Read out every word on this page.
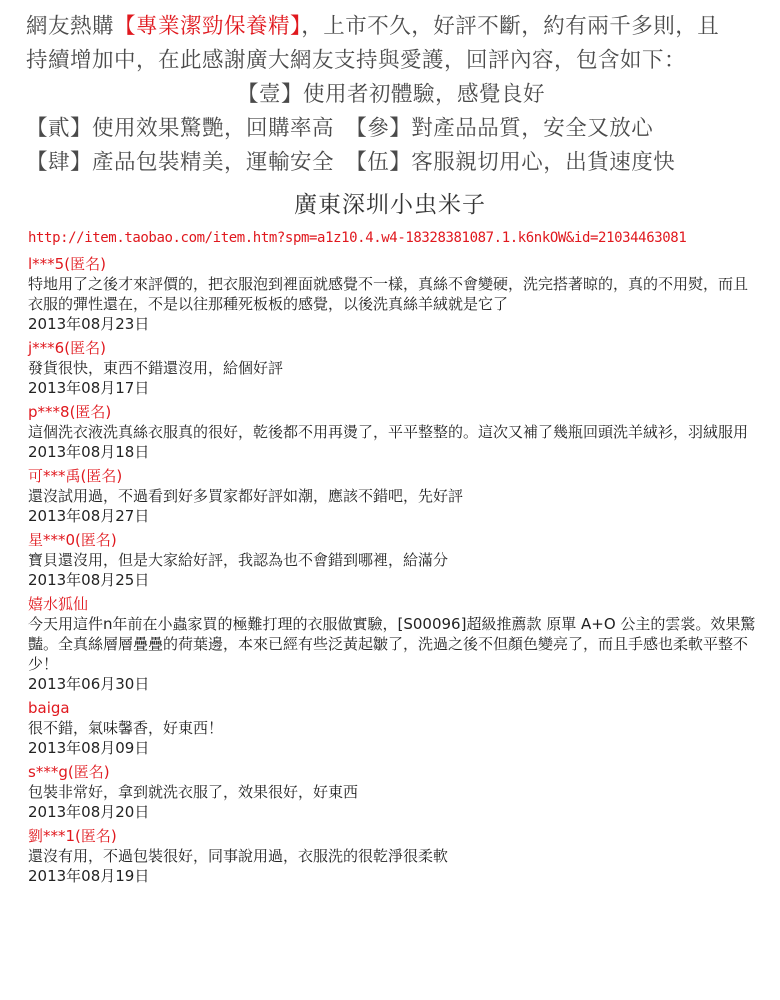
網友熱購【專業潔勁保養精】，上市不久，好評不斷，約有兩千多則，且
持續增加中，在此感謝廣大網友支持與愛護，回評內容，包含如下：
【壹】使用者初體驗，感覺良好
【貳】使用效果驚艷，回購率高　【參】對產品品質，安全又放心
【肆】產品包裝精美，運輸安全　【伍】客服親切用心，出貨速度快
廣東深圳小虫米子
http://item.taobao.com/item.htm?spm=a1z10.4.w4-18328381087.1.k6nkOW&id=21034463081
l***5(匿名)
特地用了之後才來評價的，把衣服泡到裡面就感覺不一樣，真絲不會變硬，洗完搭著晾的，真的不用熨，而且衣服的彈性還在，不是以往那種死板板的感覺，以後洗真絲羊絨就是它了
2013年08月23日
j***6(匿名)
發貨很快，東西不錯還沒用，給個好評
2013年08月17日
p***8(匿名)
這個洗衣液洗真絲衣服真的很好，乾後都不用再燙了，平平整整的。這次又補了幾瓶回頭洗羊絨衫，羽絨服用
2013年08月18日
可***禹(匿名)
還沒試用過，不過看到好多買家都好評如潮，應該不錯吧，先好評
2013年08月27日
星***0(匿名)
寶貝還沒用，但是大家給好評，我認為也不會錯到哪裡，給滿分
2013年08月25日
嬉水狐仙
今天用這件n年前在小蟲家買的極難打理的衣服做實驗，[S00096]超級推薦款 原單 A+O 公主的雲裳。效果驚豔。全真絲層層疊疊的荷葉邊，本來已經有些泛黃起皺了，洗過之後不但顏色變亮了，而且手感也柔軟平整不少！
2013年06月30日
baiga
很不錯，氣味馨香，好東西！
2013年08月09日
s***g(匿名)
包裝非常好，拿到就洗衣服了，效果很好，好東西
2013年08月20日
劉***1(匿名)
還沒有用，不過包裝很好，同事說用過，衣服洗的很乾淨很柔軟
2013年08月19日
